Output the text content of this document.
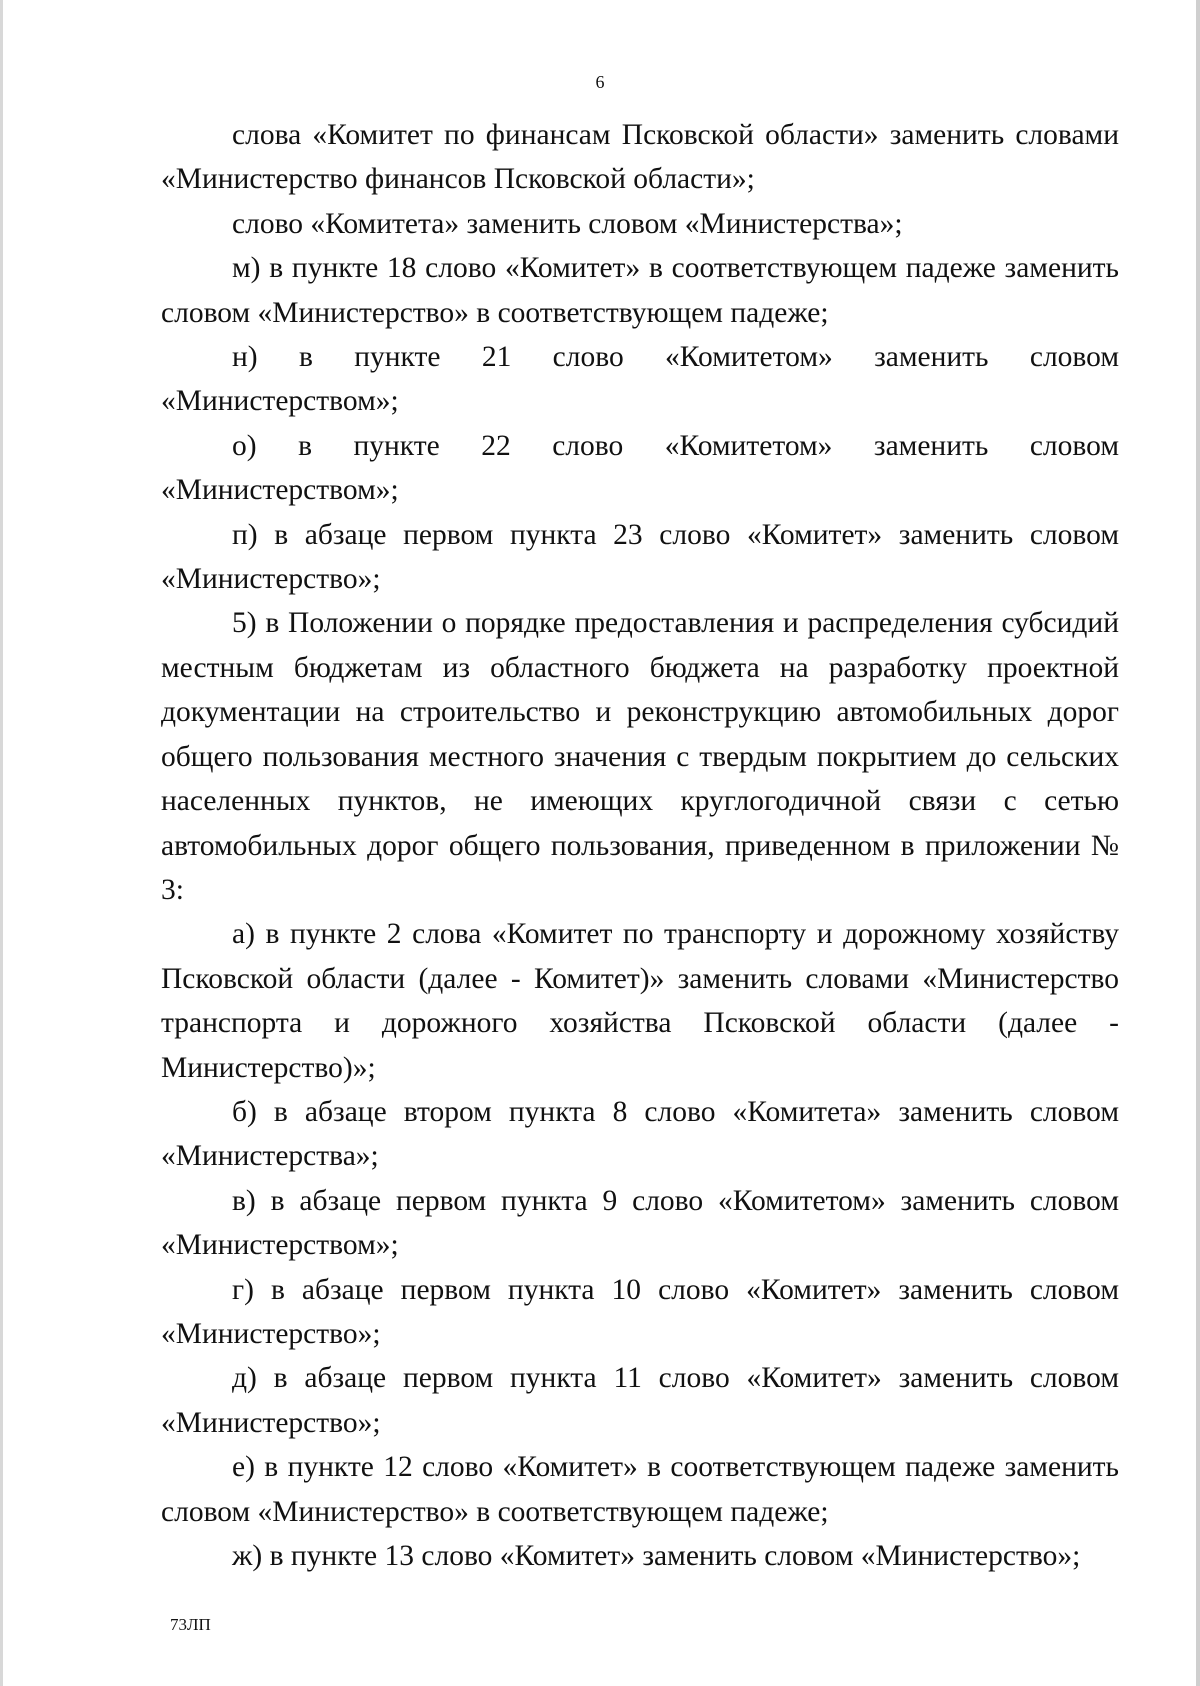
6

слова «Комитет по финансам Псковской области» заменить словами «Министерство финансов Псковской области»;

слово «Комитета» заменить словом «Министерства»;

м) в пункте 18 слово «Комитет» в соответствующем падеже заменить словом «Министерство» в соответствующем падеже;

н) в пункте 21 слово «Комитетом» заменить словом «Министерством»;

о) в пункте 22 слово «Комитетом» заменить словом «Министерством»;

п) в абзаце первом пункта 23 слово «Комитет» заменить словом «Министерство»;

5) в Положении о порядке предоставления и распределения субсидий местным бюджетам из областного бюджета на разработку проектной документации на строительство и реконструкцию автомобильных дорог общего пользования местного значения с твердым покрытием до сельских населенных пунктов, не имеющих круглогодичной связи с сетью автомобильных дорог общего пользования, приведенном в приложении № 3:

а) в пункте 2 слова «Комитет по транспорту и дорожному хозяйству Псковской области (далее - Комитет)» заменить словами «Министерство транспорта и дорожного хозяйства Псковской области (далее - Министерство)»;

б) в абзаце втором пункта 8 слово «Комитета» заменить словом «Министерства»;

в) в абзаце первом пункта 9 слово «Комитетом» заменить словом «Министерством»;

г) в абзаце первом пункта 10 слово «Комитет» заменить словом «Министерство»;

д) в абзаце первом пункта 11 слово «Комитет» заменить словом «Министерство»;

е) в пункте 12 слово «Комитет» в соответствующем падеже заменить словом «Министерство» в соответствующем падеже;

ж) в пункте 13 слово «Комитет» заменить словом «Министерство»;

73ЛП
